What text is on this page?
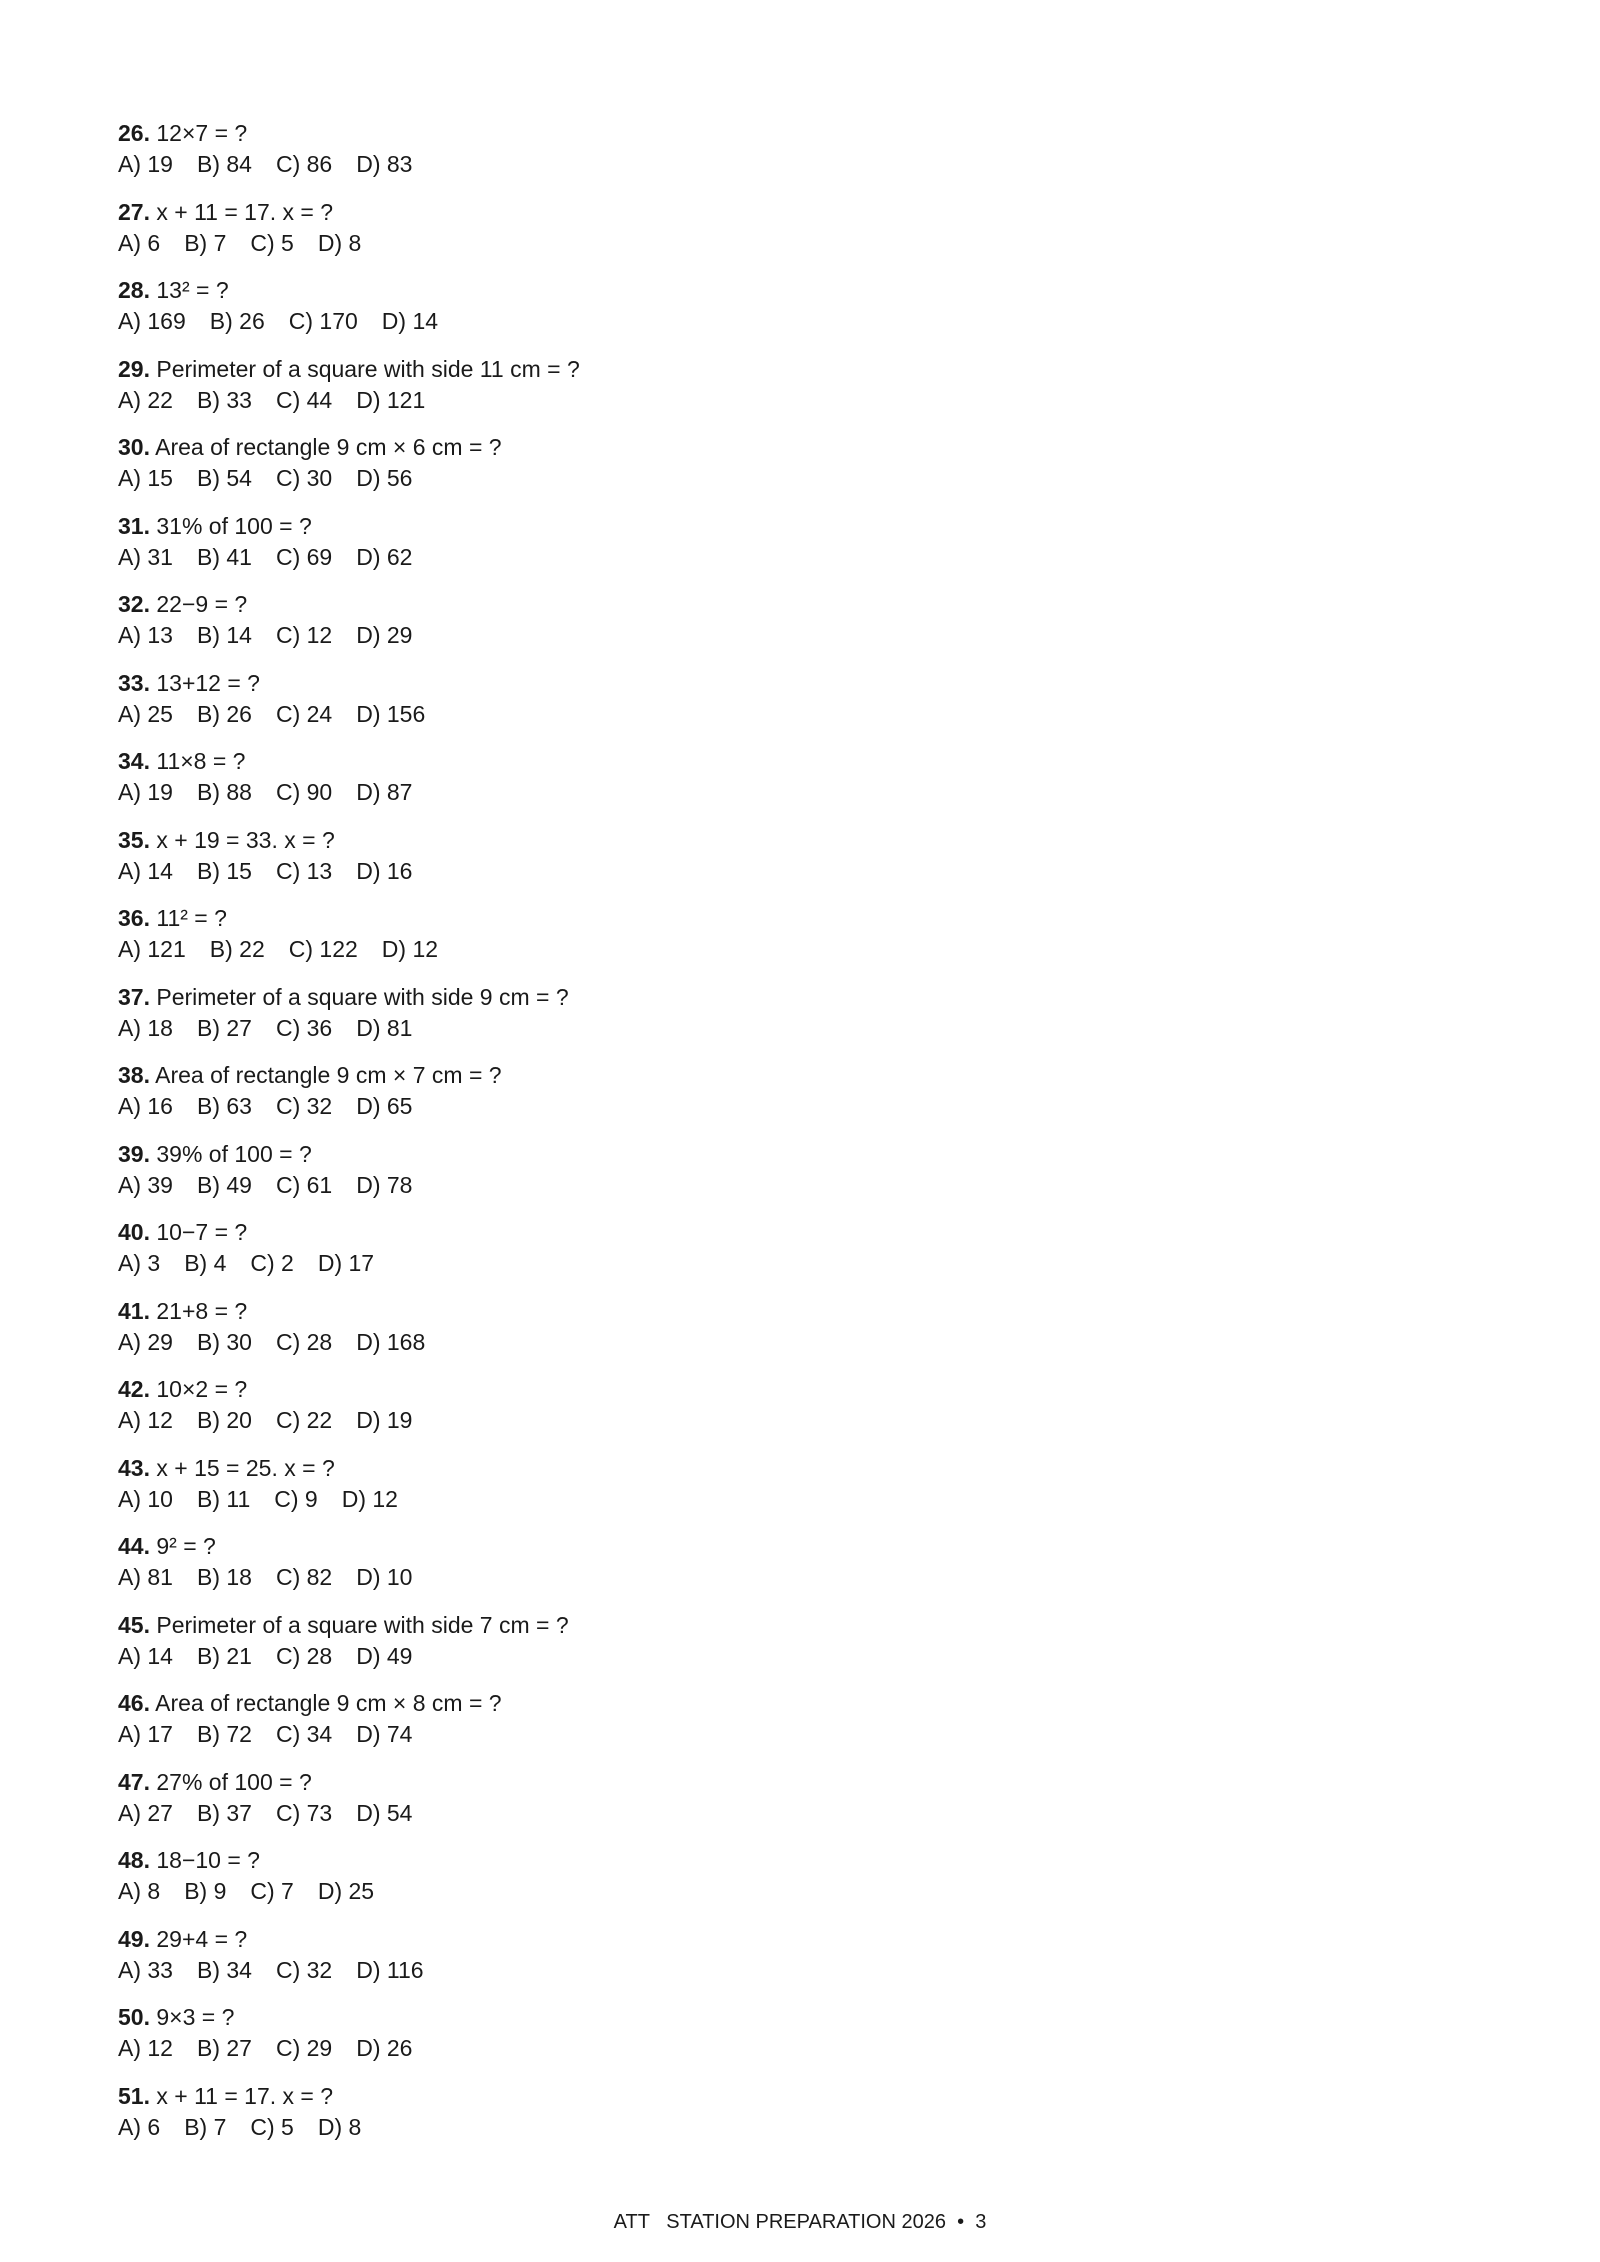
26. 12×7 = ?
A) 19 B) 84 C) 86 D) 83
27. x + 11 = 17. x = ?
A) 6 B) 7 C) 5 D) 8
28. 13² = ?
A) 169 B) 26 C) 170 D) 14
29. Perimeter of a square with side 11 cm = ?
A) 22 B) 33 C) 44 D) 121
30. Area of rectangle 9 cm × 6 cm = ?
A) 15 B) 54 C) 30 D) 56
31. 31% of 100 = ?
A) 31 B) 41 C) 69 D) 62
32. 22−9 = ?
A) 13 B) 14 C) 12 D) 29
33. 13+12 = ?
A) 25 B) 26 C) 24 D) 156
34. 11×8 = ?
A) 19 B) 88 C) 90 D) 87
35. x + 19 = 33. x = ?
A) 14 B) 15 C) 13 D) 16
36. 11² = ?
A) 121 B) 22 C) 122 D) 12
37. Perimeter of a square with side 9 cm = ?
A) 18 B) 27 C) 36 D) 81
38. Area of rectangle 9 cm × 7 cm = ?
A) 16 B) 63 C) 32 D) 65
39. 39% of 100 = ?
A) 39 B) 49 C) 61 D) 78
40. 10−7 = ?
A) 3 B) 4 C) 2 D) 17
41. 21+8 = ?
A) 29 B) 30 C) 28 D) 168
42. 10×2 = ?
A) 12 B) 20 C) 22 D) 19
43. x + 15 = 25. x = ?
A) 10 B) 11 C) 9 D) 12
44. 9² = ?
A) 81 B) 18 C) 82 D) 10
45. Perimeter of a square with side 7 cm = ?
A) 14 B) 21 C) 28 D) 49
46. Area of rectangle 9 cm × 8 cm = ?
A) 17 B) 72 C) 34 D) 74
47. 27% of 100 = ?
A) 27 B) 37 C) 73 D) 54
48. 18−10 = ?
A) 8 B) 9 C) 7 D) 25
49. 29+4 = ?
A) 33 B) 34 C) 32 D) 116
50. 9×3 = ?
A) 12 B) 27 C) 29 D) 26
51. x + 11 = 17. x = ?
A) 6 B) 7 C) 5 D) 8
ATT   STATION PREPARATION 2026  •  3
